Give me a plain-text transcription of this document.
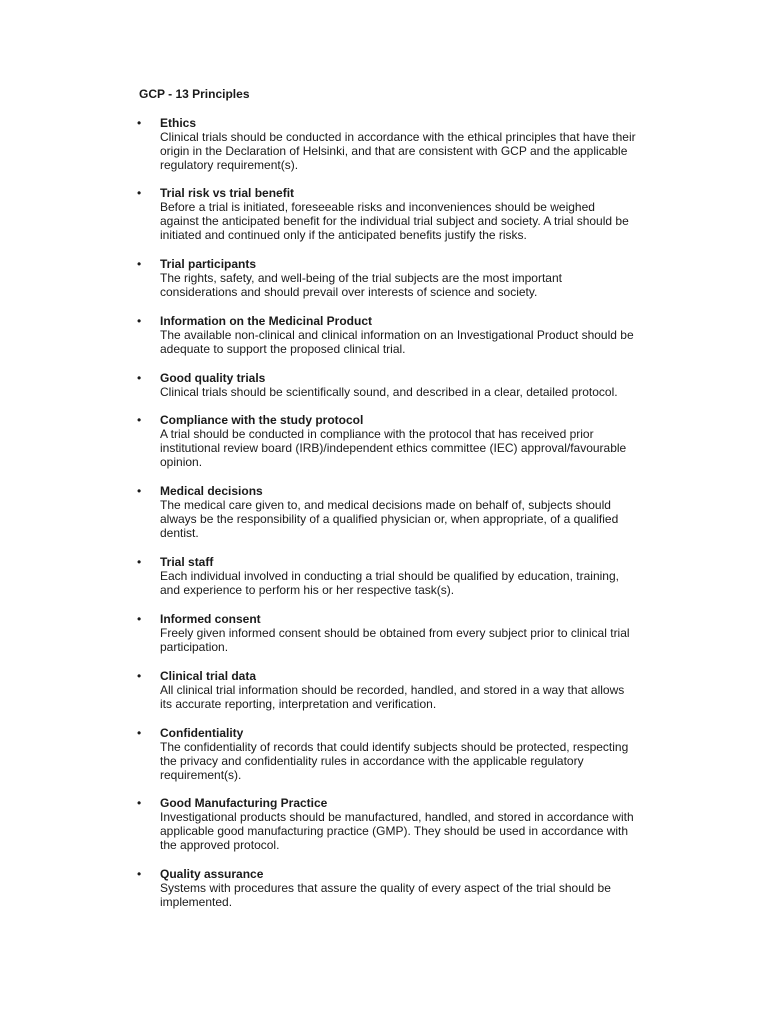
GCP - 13 Principles
• Ethics
Clinical trials should be conducted in accordance with the ethical principles that have their
origin in the Declaration of Helsinki, and that are consistent with GCP and the applicable
regulatory requirement(s).
• Trial risk vs trial benefit
Before a trial is initiated, foreseeable risks and inconveniences should be weighed
against the anticipated benefit for the individual trial subject and society. A trial should be
initiated and continued only if the anticipated benefits justify the risks.
• Trial participants
The rights, safety, and well-being of the trial subjects are the most important
considerations and should prevail over interests of science and society.
• Information on the Medicinal Product
The available non-clinical and clinical information on an Investigational Product should be
adequate to support the proposed clinical trial.
• Good quality trials
Clinical trials should be scientifically sound, and described in a clear, detailed protocol.
• Compliance with the study protocol
A trial should be conducted in compliance with the protocol that has received prior
institutional review board (IRB)/independent ethics committee (IEC) approval/favourable
opinion.
• Medical decisions
The medical care given to, and medical decisions made on behalf of, subjects should
always be the responsibility of a qualified physician or, when appropriate, of a qualified
dentist.
• Trial staff
Each individual involved in conducting a trial should be qualified by education, training,
and experience to perform his or her respective task(s).
• Informed consent
Freely given informed consent should be obtained from every subject prior to clinical trial
participation.
• Clinical trial data
All clinical trial information should be recorded, handled, and stored in a way that allows
its accurate reporting, interpretation and verification.
• Confidentiality
The confidentiality of records that could identify subjects should be protected, respecting
the privacy and confidentiality rules in accordance with the applicable regulatory
requirement(s).
• Good Manufacturing Practice
Investigational products should be manufactured, handled, and stored in accordance with
applicable good manufacturing practice (GMP). They should be used in accordance with
the approved protocol.
• Quality assurance
Systems with procedures that assure the quality of every aspect of the trial should be
implemented.
